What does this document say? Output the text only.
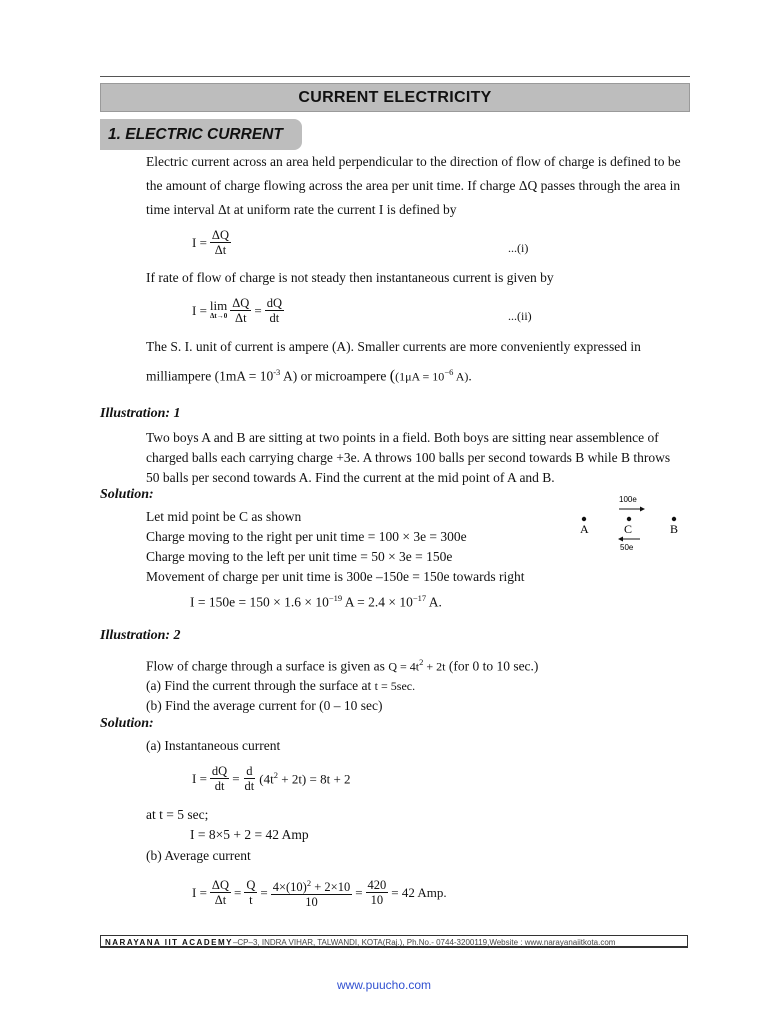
CURRENT ELECTRICITY
1. ELECTRIC CURRENT
Electric current across an area held perpendicular to the direction of flow of charge is defined to be
the amount of charge flowing across the area per unit time. If charge ΔQ passes through the area in
time interval Δt at uniform rate the current I is defined by
$I = \frac{\Delta Q}{\Delta t}$	...(i)
If rate of flow of charge is not steady then instantaneous current is given by
I = lim
$\Delta t\to 0 \frac{\Delta Q}{\Delta t} = \frac{dQ}{dt}$	...(ii)
The S. I. unit of current is ampere (A). Smaller currents are more conveniently expressed in
milliampere ($1mA = 10^{-3}$ A) or microampere (($1\mu A = 10^{-6}$ A).
Illustration: 1
Two boys A and B are sitting at two points in a field. Both boys are sitting near assemblence of
charged balls each carrying charge +3e. A throws 100 balls per second towards B while B throws
50 balls per second towards A. Find the current at the mid point of A and B.
Solution:
Let mid point be C as shown
Charge moving to the right per unit time = 100 × 3e = 300e
Charge moving to the left per unit time = 50 × 3e = 150e
Movement of charge per unit time is 300e –150e = 150e towards right
$I = 150e = 150 \times 1.6 \times 10^{-19}$ $A = 2.4 \times 10^{-17}$ A.
100e
A	C	B
50e
Illustration: 2
Flow of charge through a surface is given as $Q = 4t^2 + 2t$ (for 0 to 10 sec.)
(a) Find the current through the surface at t = 5sec.
(b) Find the average current for (0 – 10 sec)
Solution:
(a) Instantaneous current
$I = \frac{dQ}{dt} = \frac{d}{dt} (4t^2 + 2t) = 8t + 2$
at t = 5 sec;
I = 8×5 + 2 = 42 Amp
(b) Average current
$I = \frac{\Delta Q}{\Delta t} = \frac{Q}{t} = \frac{4\times(10)^2 + 2\times 10}{10} = \frac{420}{10} = 42$ Amp.
NARAYANA IIT ACADEMY–CP–3, INDRA VIHAR, TALWANDI, KOTA(Raj.), Ph.No.- 0744-3200119,Website : www.narayanaiitkota.com
www.puucho.com
